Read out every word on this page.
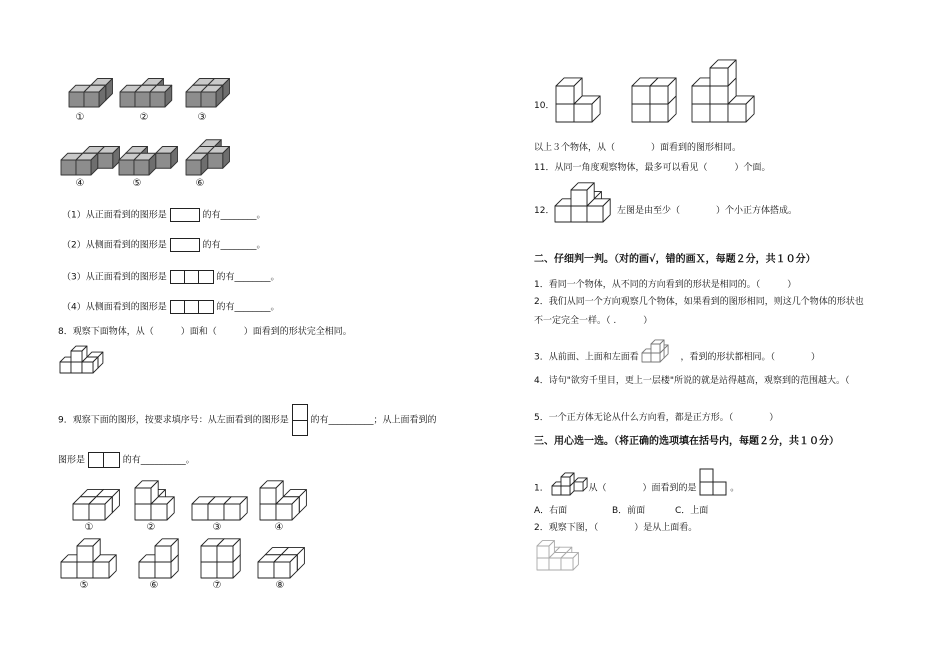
①	②	③
④	⑤	⑥
（1）从正面看到的图形是	的有________。
（2）从侧面看到的图形是	的有________。
（3）从正面看到的图形是	的有________。
（4）从侧面看到的图形是	的有________。
8．观察下面物体，从（　　　）面和（　　　）面看到的形状完全相同。
9．观察下面的图形，按要求填序号：从左面看到的图形是 的有__________；从上面看到的
图形是	的有__________。
①	②	③	④
⑤	⑥	⑦	⑧
10．
以上３个物体，从（　　　　）面看到的图形相同。
11．从同一角度观察物体，最多可以看见（　　　）个面。
12．	左图是由至少（　　　　）个小正方体搭成。
二、仔细判一判。（对的画√，错的画Ｘ，每题２分，共１０分）
1．看同一个物体，从不同的方向看到的形状是相同的。（　　　）
2．我们从同一个方向观察几个物体，如果看到的图形相同，则这几个物体的形状也
不一定完全一样。（ .　　　）
3．从前面、上面和左面看	，看到的形状都相同。（　　　　）
4．诗句"欲穷千里目，更上一层楼"所说的就是站得越高，观察到的范围越大。（
5．一个正方体无论从什么方向看，都是正方形。（　　　　）
三、用心选一选。（将正确的选项填在括号内，每题２分，共１０分）
1．	从（　　　　）面看到的是	。
A．右面	B．前面	C．上面
2．观察下图，（　　　　）是从上面看。
